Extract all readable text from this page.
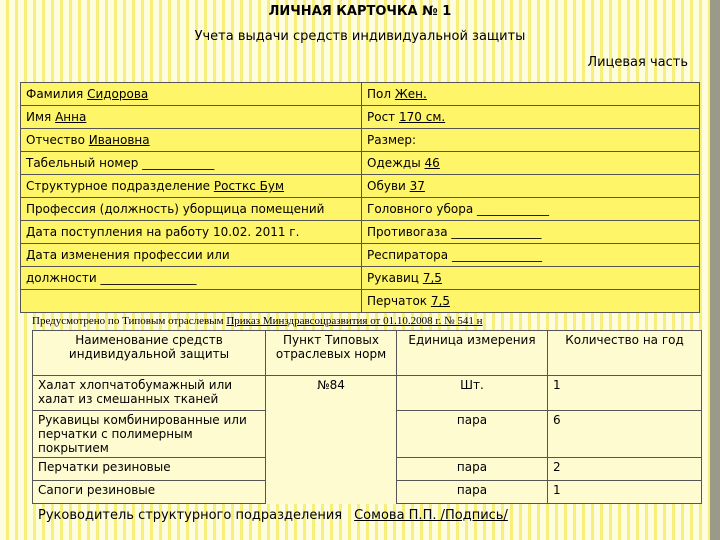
ЛИЧНАЯ КАРТОЧКА № 1
Учета выдачи средств индивидуальной защиты
Лицевая часть
Фамилия Сидорова	Пол Жен.
Имя Анна	Рост 170 см.
Отчество Ивановна	Размер:
Табельный номер ____________	Одежды 46
Структурное подразделение Росткс Бум	Обуви 37
Профессия (должность) уборщица помещений	Головного убора ____________
Дата поступления на работу 10.02. 2011 г.	Противогаза _______________
Дата изменения профессии или	Респиратора _______________
должности ________________	Рукавиц 7,5
	Перчаток 7,5
Предусмотрено по Типовым отраслевым Приказ Минздравсоцразвития от 01.10.2008 г. № 541 н
Наименование средств индивидуальной защиты	Пункт Типовых отраслевых норм	Единица измерения	Количество на год
Халат хлопчатобумажный или халат из смешанных тканей	№84	Шт.	1
Рукавицы комбинированные или перчатки с полимерным покрытием		пара	6
Перчатки резиновые		пара	2
Сапоги резиновые		пара	1
Руководитель структурного подразделения Сомова П.П. /Подпись/
